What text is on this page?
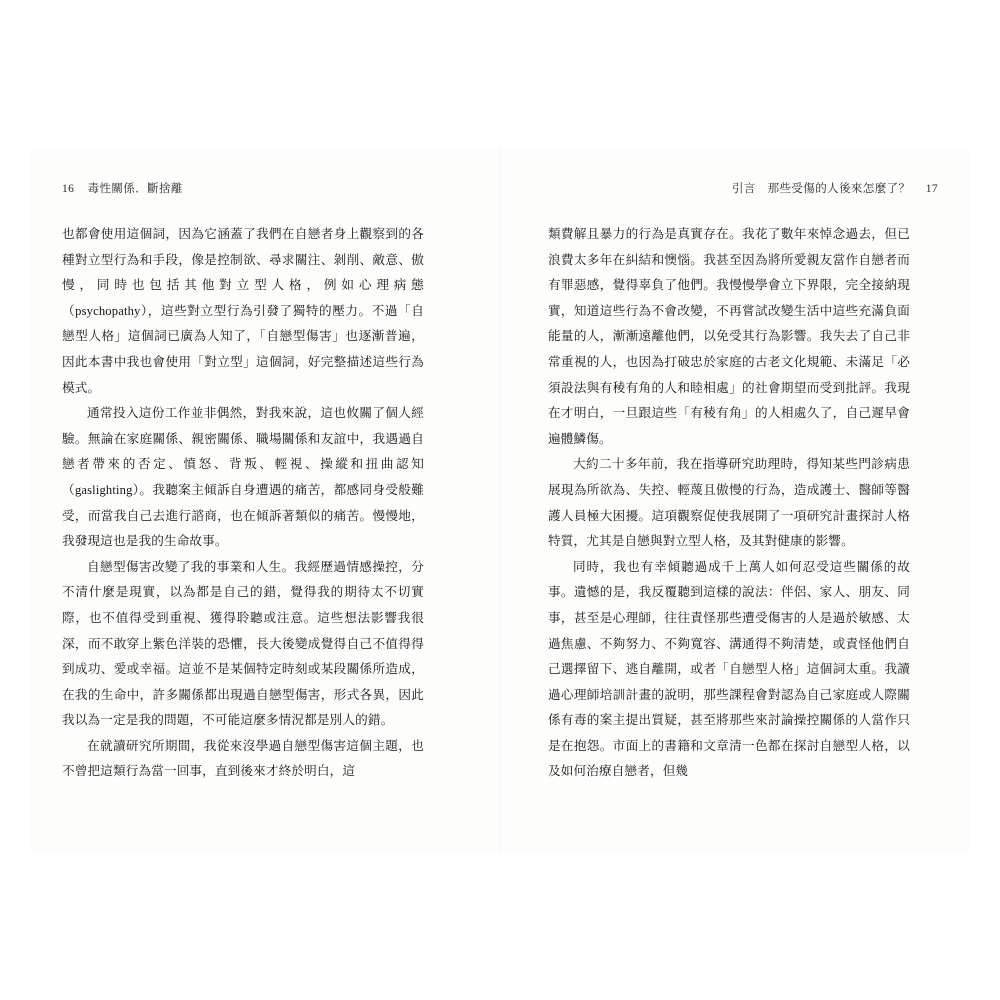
16 毒性關係．斷捨離

也都會使用這個詞，因為它涵蓋了我們在自戀者身上觀察到的各種對立型行為和手段，像是控制欲、尋求關注、剝削、敵意、傲慢，同時也包括其他對立型人格，例如心理病態（psychopathy），這些對立型行為引發了獨特的壓力。不過「自戀型人格」這個詞已廣為人知了，「自戀型傷害」也逐漸普遍，因此本書中我也會使用「對立型」這個詞，好完整描述這些行為模式。

通常投入這份工作並非偶然，對我來說，這也攸關了個人經驗。無論在家庭關係、親密關係、職場關係和友誼中，我遇過自戀者帶來的否定、憤怒、背叛、輕視、操縱和扭曲認知（gaslighting）。我聽案主傾訴自身遭遇的痛苦，都感同身受般難受，而當我自己去進行諮商，也在傾訴著類似的痛苦。慢慢地，我發現這也是我的生命故事。

自戀型傷害改變了我的事業和人生。我經歷過情感操控，分不清什麼是現實，以為都是自己的錯，覺得我的期待太不切實際，也不值得受到重視、獲得聆聽或注意。這些想法影響我很深，而不敢穿上紫色洋裝的恐懼，長大後變成覺得自己不值得得到成功、愛或幸福。這並不是某個特定時刻或某段關係所造成，在我的生命中，許多關係都出現過自戀型傷害，形式各異，因此我以為一定是我的問題，不可能這麼多情況都是別人的錯。

在就讀研究所期間，我從來沒學過自戀型傷害這個主題，也不曾把這類行為當一回事，直到後來才終於明白，這

引言　那些受傷的人後來怎麼了？ 17

類費解且暴力的行為是真實存在。我花了數年來悼念過去，但已浪費太多年在糾結和懊惱。我甚至因為將所愛親友當作自戀者而有罪惡感，覺得辜負了他們。我慢慢學會立下界限，完全接納現實，知道這些行為不會改變，不再嘗試改變生活中這些充滿負面能量的人，漸漸遠離他們，以免受其行為影響。我失去了自己非常重視的人，也因為打破忠於家庭的古老文化規範、未滿足「必須設法與有稜有角的人和睦相處」的社會期望而受到批評。我現在才明白，一旦跟這些「有稜有角」的人相處久了，自己遲早會遍體鱗傷。

大約二十多年前，我在指導研究助理時，得知某些門診病患展現為所欲為、失控、輕蔑且傲慢的行為，造成護士、醫師等醫護人員極大困擾。這項觀察促使我展開了一項研究計畫探討人格特質，尤其是自戀與對立型人格，及其對健康的影響。

同時，我也有幸傾聽過成千上萬人如何忍受這些關係的故事。遺憾的是，我反覆聽到這樣的說法：伴侶、家人、朋友、同事，甚至是心理師，往往責怪那些遭受傷害的人是過於敏感、太過焦慮、不夠努力、不夠寬容、溝通得不夠清楚，或責怪他們自己選擇留下、逃自離開，或者「自戀型人格」這個詞太重。我讀過心理師培訓計畫的說明，那些課程會對認為自己家庭或人際關係有毒的案主提出質疑，甚至將那些來討論操控關係的人當作只是在抱怨。市面上的書籍和文章清一色都在探討自戀型人格，以及如何治療自戀者，但幾
